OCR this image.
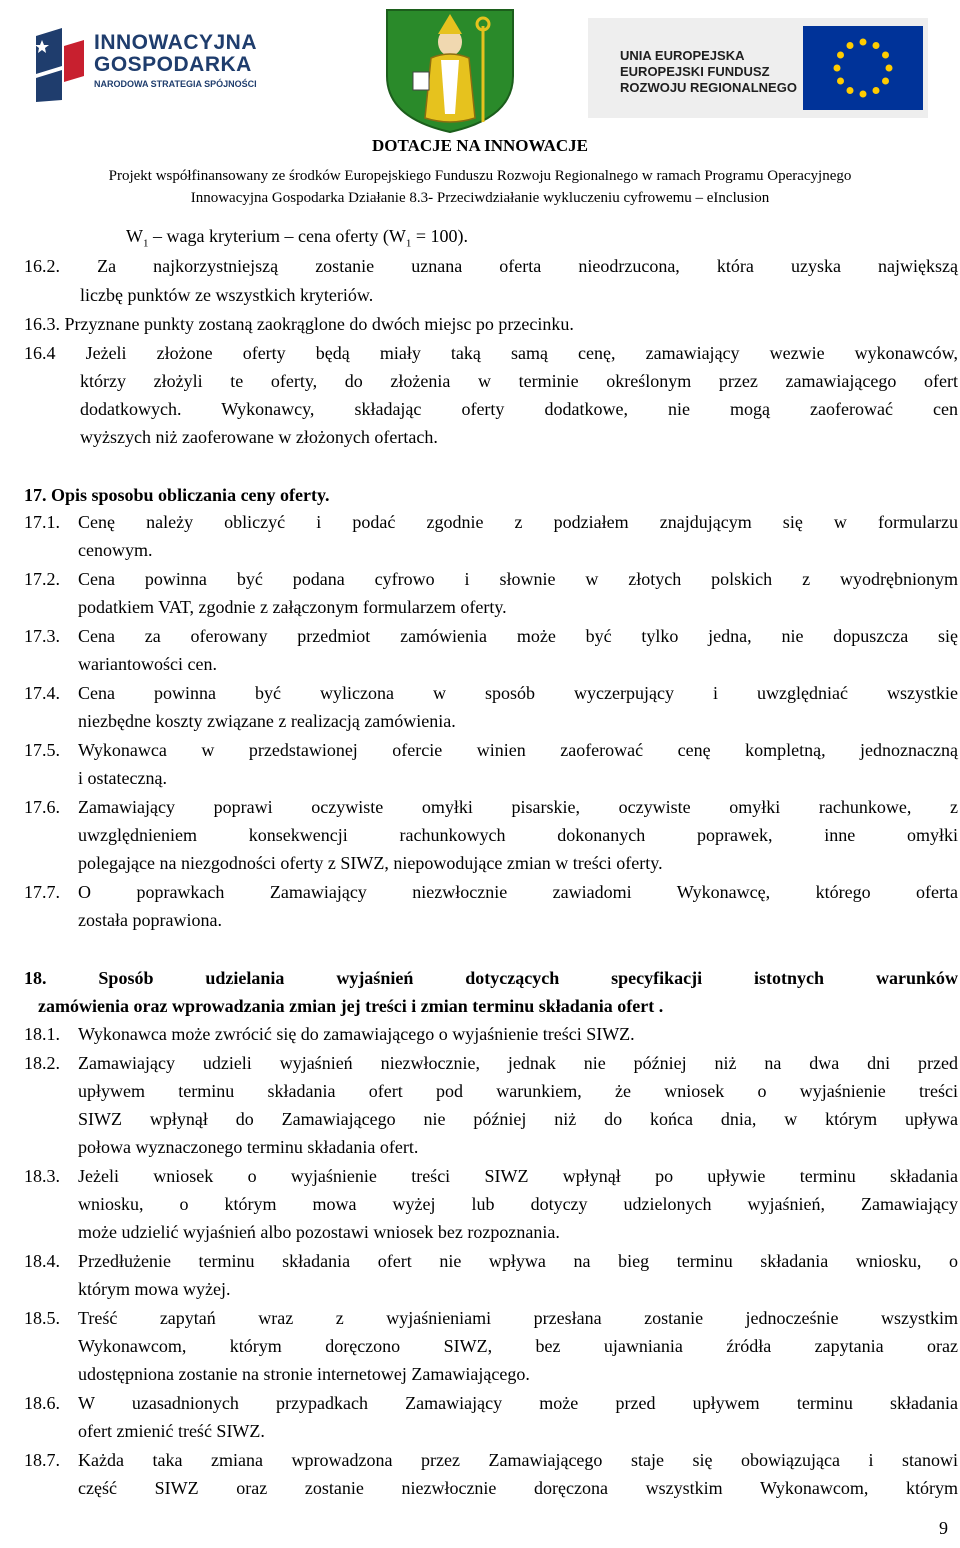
INNOWACYJNA
GOSPODARKA
NARODOWA STRATEGIA SPÓJNOŚCI
UNIA EUROPEJSKA
EUROPEJSKI FUNDUSZ
ROZWOJU REGIONALNEGO
DOTACJE NA INNOWACJE
Projekt współfinansowany ze środków Europejskiego Funduszu Rozwoju Regionalnego w ramach Programu Operacyjnego
Innowacyjna Gospodarka Działanie 8.3- Przeciwdziałanie wykluczeniu cyfrowemu – eInclusion
$W_1$ – waga kryterium – cena oferty $(W_1 = 100)$.
16.2. Za najkorzystniejszą zostanie uznana oferta nieodrzucona, która uzyska największą
liczbę punktów ze wszystkich kryteriów.
16.3. Przyznane punkty zostaną zaokrąglone do dwóch miejsc po przecinku.
16.4 Jeżeli złożone oferty będą miały taką samą cenę, zamawiający wezwie wykonawców,
którzy złożyli te oferty, do złożenia w terminie określonym przez zamawiającego ofert
dodatkowych. Wykonawcy, składając oferty dodatkowe, nie mogą zaoferować cen
wyższych niż zaoferowane w złożonych ofertach.
17. Opis sposobu obliczania ceny oferty.
17.1. Cenę należy obliczyć i podać zgodnie z podziałem znajdującym się w formularzu
cenowym.
17.2. Cena powinna być podana cyfrowo i słownie w złotych polskich z wyodrębnionym
podatkiem VAT, zgodnie z załączonym formularzem oferty.
17.3. Cena za oferowany przedmiot zamówienia może być tylko jedna, nie dopuszcza się
wariantowości cen.
17.4. Cena powinna być wyliczona w sposób wyczerpujący i uwzględniać wszystkie
niezbędne koszty związane z realizacją zamówienia.
17.5. Wykonawca w przedstawionej ofercie winien zaoferować cenę kompletną, jednoznaczną
i ostateczną.
17.6. Zamawiający poprawi oczywiste omyłki pisarskie, oczywiste omyłki rachunkowe, z
uwzględnieniem konsekwencji rachunkowych dokonanych poprawek, inne omyłki
polegające na niezgodności oferty z SIWZ, niepowodujące zmian w treści oferty.
17.7. O poprawkach Zamawiający niezwłocznie zawiadomi Wykonawcę, którego oferta
została poprawiona.
18. Sposób udzielania wyjaśnień dotyczących specyfikacji istotnych warunków
zamówienia oraz wprowadzania zmian jej treści i zmian terminu składania ofert .
18.1. Wykonawca może zwrócić się do zamawiającego o wyjaśnienie treści SIWZ.
18.2. Zamawiający udzieli wyjaśnień niezwłocznie, jednak nie później niż na dwa dni przed
upływem terminu składania ofert pod warunkiem, że wniosek o wyjaśnienie treści
SIWZ wpłynął do Zamawiającego nie później niż do końca dnia, w którym upływa
połowa wyznaczonego terminu składania ofert.
18.3. Jeżeli wniosek o wyjaśnienie treści SIWZ wpłynął po upływie terminu składania
wniosku, o którym mowa wyżej lub dotyczy udzielonych wyjaśnień, Zamawiający
może udzielić wyjaśnień albo pozostawi wniosek bez rozpoznania.
18.4. Przedłużenie terminu składania ofert nie wpływa na bieg terminu składania wniosku, o
którym mowa wyżej.
18.5. Treść zapytań wraz z wyjaśnieniami przesłana zostanie jednocześnie wszystkim
Wykonawcom, którym doręczono SIWZ, bez ujawniania źródła zapytania oraz
udostępniona zostanie na stronie internetowej Zamawiającego.
18.6. W uzasadnionych przypadkach Zamawiający może przed upływem terminu składania
ofert zmienić treść SIWZ.
18.7. Każda taka zmiana wprowadzona przez Zamawiającego staje się obowiązująca i stanowi
część SIWZ oraz zostanie niezwłocznie doręczona wszystkim Wykonawcom, którym
9
